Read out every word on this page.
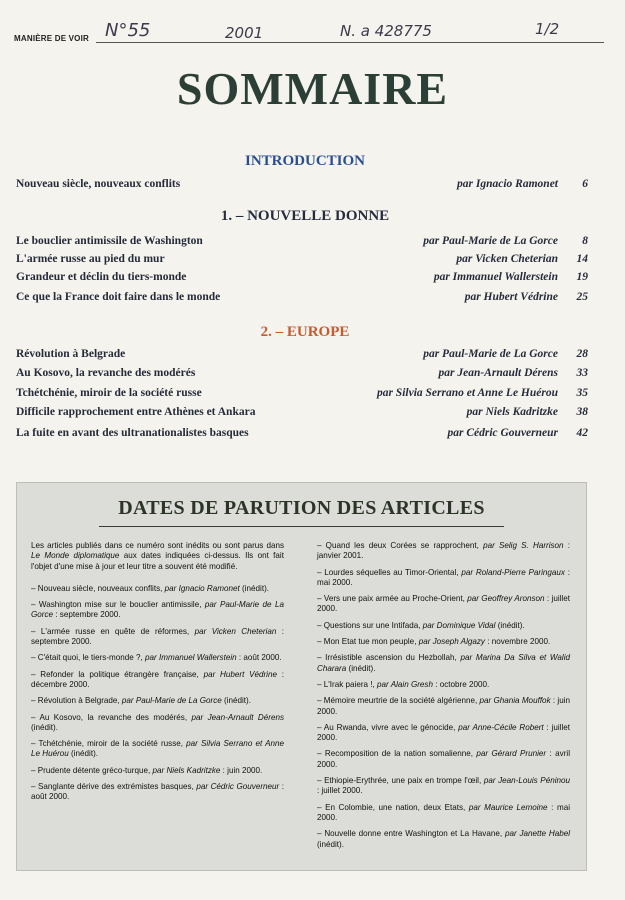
MANIÈRE DE VOIR N°55	2001	N. a 428775	1/2
SOMMAIRE
INTRODUCTION
Nouveau siècle, nouveaux conflits	par Ignacio Ramonet	6
1. – NOUVELLE DONNE
Le bouclier antimissile de Washington	par Paul-Marie de La Gorce	8
L'armée russe au pied du mur	par Vicken Cheterian	14
Grandeur et déclin du tiers-monde	par Immanuel Wallerstein	19
Ce que la France doit faire dans le monde	par Hubert Védrine	25
2. – EUROPE
Révolution à Belgrade	par Paul-Marie de La Gorce	28
Au Kosovo, la revanche des modérés	par Jean-Arnault Dérens	33
Tchétchénie, miroir de la société russe	par Silvia Serrano et Anne Le Huérou	35
Difficile rapprochement entre Athènes et Ankara	par Niels Kadritzke	38
La fuite en avant des ultranationalistes basques	par Cédric Gouverneur	42
DATES DE PARUTION DES ARTICLES

Les articles publiés dans ce numéro sont inédits ou sont parus dans Le Monde diplomatique aux dates indiquées ci-dessus. Ils ont fait l'objet d'une mise à jour et leur titre a souvent été modifié.

– Nouveau siècle, nouveaux conflits, par Ignacio Ramonet (inédit).

– Washington mise sur le bouclier antimissile, par Paul-Marie de La Gorce : septembre 2000.

– L'armée russe en quête de réformes, par Vicken Cheterian : septembre 2000.

– C'était quoi, le tiers-monde ?, par Immanuel Wallerstein : août 2000.

– Refonder la politique étrangère française, par Hubert Védrine : décembre 2000.

– Révolution à Belgrade, par Paul-Marie de La Gorce (inédit).

– Au Kosovo, la revanche des modérés, par Jean-Arnault Dérens (inédit).

– Tchétchénie, miroir de la société russe, par Silvia Serrano et Anne Le Huérou (inédit).

– Prudente détente gréco-turque, par Niels Kadritzke : juin 2000.

– Sanglante dérive des extrémistes basques, par Cédric Gouverneur : août 2000.

– Quand les deux Corées se rapprochent, par Selig S. Harrison : janvier 2001.

– Lourdes séquelles au Timor-Oriental, par Roland-Pierre Paringaux : mai 2000.

– Vers une paix armée au Proche-Orient, par Geoffrey Aronson : juillet 2000.

– Questions sur une Intifada, par Dominique Vidal (inédit).

– Mon Etat tue mon peuple, par Joseph Algazy : novembre 2000.

– Irrésistible ascension du Hezbollah, par Marina Da Silva et Walid Charara (inédit).

– L'Irak paiera !, par Alain Gresh : octobre 2000.

– Mémoire meurtrie de la société algérienne, par Ghania Mouffok : juin 2000.

– Au Rwanda, vivre avec le génocide, par Anne-Cécile Robert : juillet 2000.

– Recomposition de la nation somalienne, par Gérard Prunier : avril 2000.

– Ethiopie-Erythrée, une paix en trompe l'œil, par Jean-Louis Péninou : juillet 2000.

– En Colombie, une nation, deux Etats, par Maurice Lemoine : mai 2000.

– Nouvelle donne entre Washington et La Havane, par Janette Habel (inédit).
